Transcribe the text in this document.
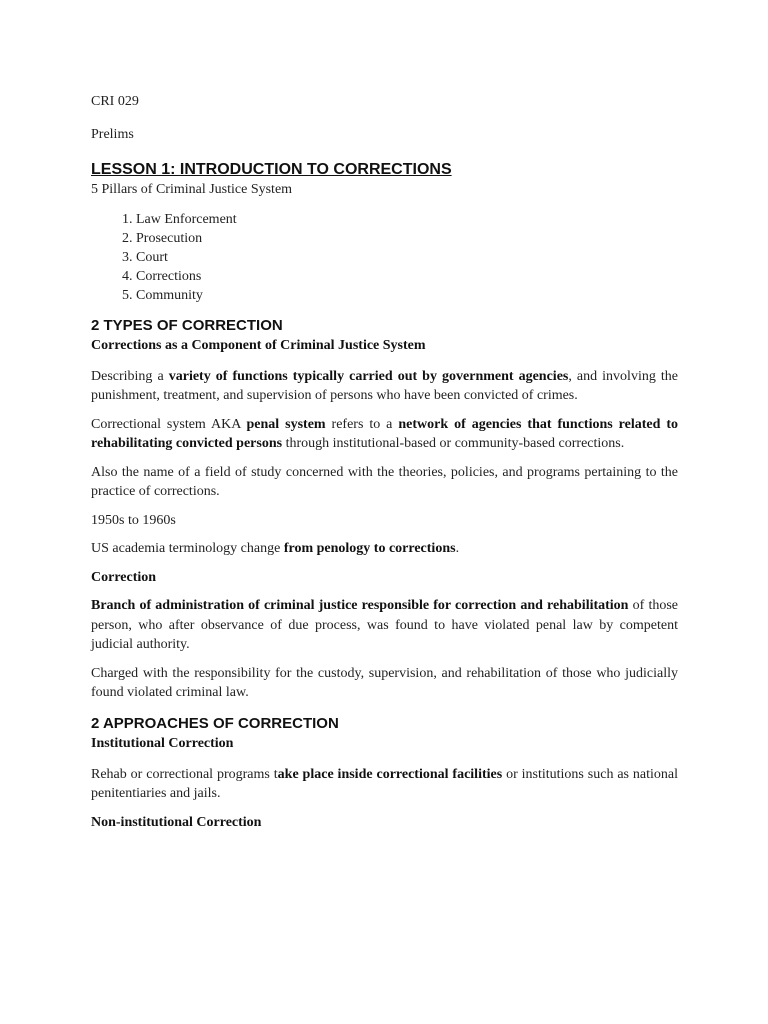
CRI 029

Prelims

LESSON 1: INTRODUCTION TO CORRECTIONS

5 Pillars of Criminal Justice System

1. Law Enforcement
2. Prosecution
3. Court
4. Corrections
5. Community
2 TYPES OF CORRECTION
Corrections as a Component of Criminal Justice System

Describing a variety of functions typically carried out by government agencies, and involving the punishment, treatment, and supervision of persons who have been convicted of crimes.

Correctional system AKA penal system refers to a network of agencies that functions related to rehabilitating convicted persons through institutional-based or community-based corrections.

Also the name of a field of study concerned with the theories, policies, and programs pertaining to the practice of corrections.

1950s to 1960s

US academia terminology change from penology to corrections.

Correction

Branch of administration of criminal justice responsible for correction and rehabilitation of those person, who after observance of due process, was found to have violated penal law by competent judicial authority.

Charged with the responsibility for the custody, supervision, and rehabilitation of those who judicially found violated criminal law.

2 APPROACHES OF CORRECTION
Institutional Correction

Rehab or correctional programs take place inside correctional facilities or institutions such as national penitentiaries and jails.

Non-institutional Correction
